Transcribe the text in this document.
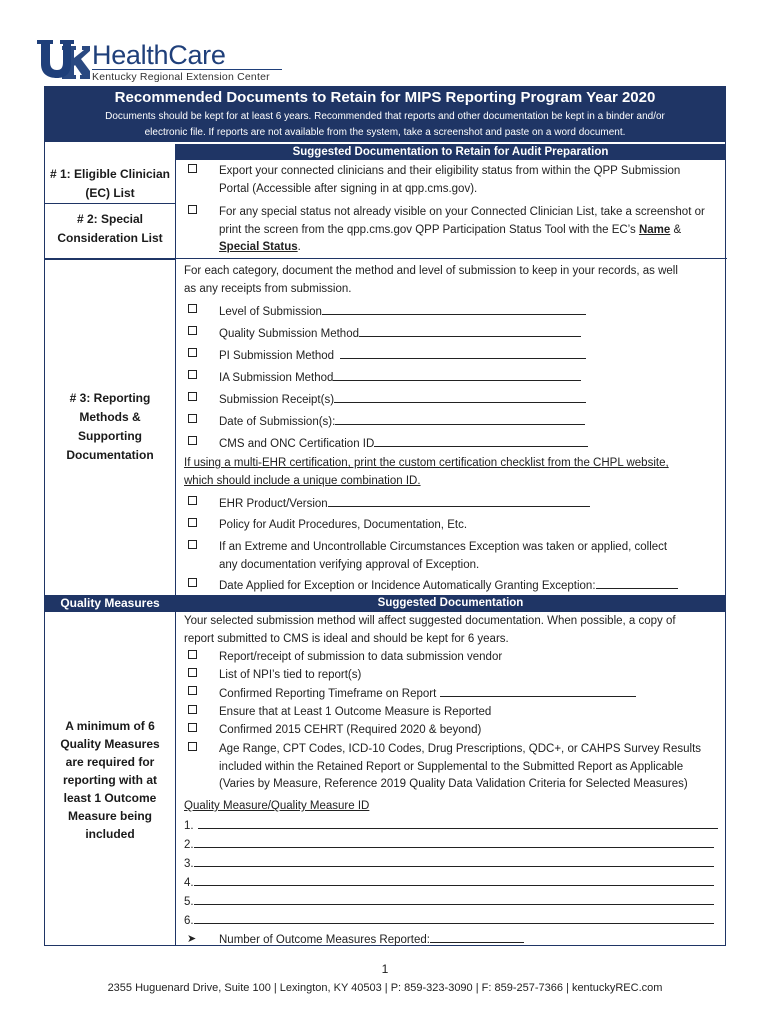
HealthCare
Kentucky Regional Extension Center
Recommended Documents to Retain for MIPS Reporting Program Year 2020
Documents should be kept for at least 6 years. Recommended that reports and other documentation be kept in a binder and/or
electronic file. If reports are not available from the system, take a screenshot and paste on a word document.
Suggested Documentation to Retain for Audit Preparation
# 1: Eligible Clinician
(EC) List
# 2: Special
Consideration List
# 3: Reporting
Methods &
Supporting
Documentation
Quality Measures	Suggested Documentation
A minimum of 6
Quality Measures
are required for
reporting with at
least 1 Outcome
Measure being
included
Export your connected clinicians and their eligibility status from within the QPP Submission
Portal (Accessible after signing in at qpp.cms.gov).
For any special status not already visible on your Connected Clinician List, take a screenshot or
print the screen from the qpp.cms.gov QPP Participation Status Tool with the EC’s Name &
Special Status.
For each category, document the method and level of submission to keep in your records, as well
as any receipts from submission.
Level of Submission
Quality Submission Method
PI Submission Method
IA Submission Method
Submission Receipt(s)
Date of Submission(s):
CMS and ONC Certification ID
If using a multi-EHR certification, print the custom certification checklist from the CHPL website,
which should include a unique combination ID.
EHR Product/Version
Policy for Audit Procedures, Documentation, Etc.
If an Extreme and Uncontrollable Circumstances Exception was taken or applied, collect
any documentation verifying approval of Exception.
Date Applied for Exception or Incidence Automatically Granting Exception:
Your selected submission method will affect suggested documentation. When possible, a copy of
report submitted to CMS is ideal and should be kept for 6 years.
Report/receipt of submission to data submission vendor
List of NPI’s tied to report(s)
Confirmed Reporting Timeframe on Report
Ensure that at Least 1 Outcome Measure is Reported
Confirmed 2015 CEHRT (Required 2020 & beyond)
Age Range, CPT Codes, ICD-10 Codes, Drug Prescriptions, QDC+, or CAHPS Survey Results
included within the Retained Report or Supplemental to the Submitted Report as Applicable
(Varies by Measure, Reference 2019 Quality Data Validation Criteria for Selected Measures)
Quality Measure/Quality Measure ID
1.
2.
3.
4.
5.
6.
➤ Number of Outcome Measures Reported:
1
2355 Huguenard Drive, Suite 100 | Lexington, KY 40503 | P: 859-323-3090 | F: 859-257-7366 | kentuckyREC.com
